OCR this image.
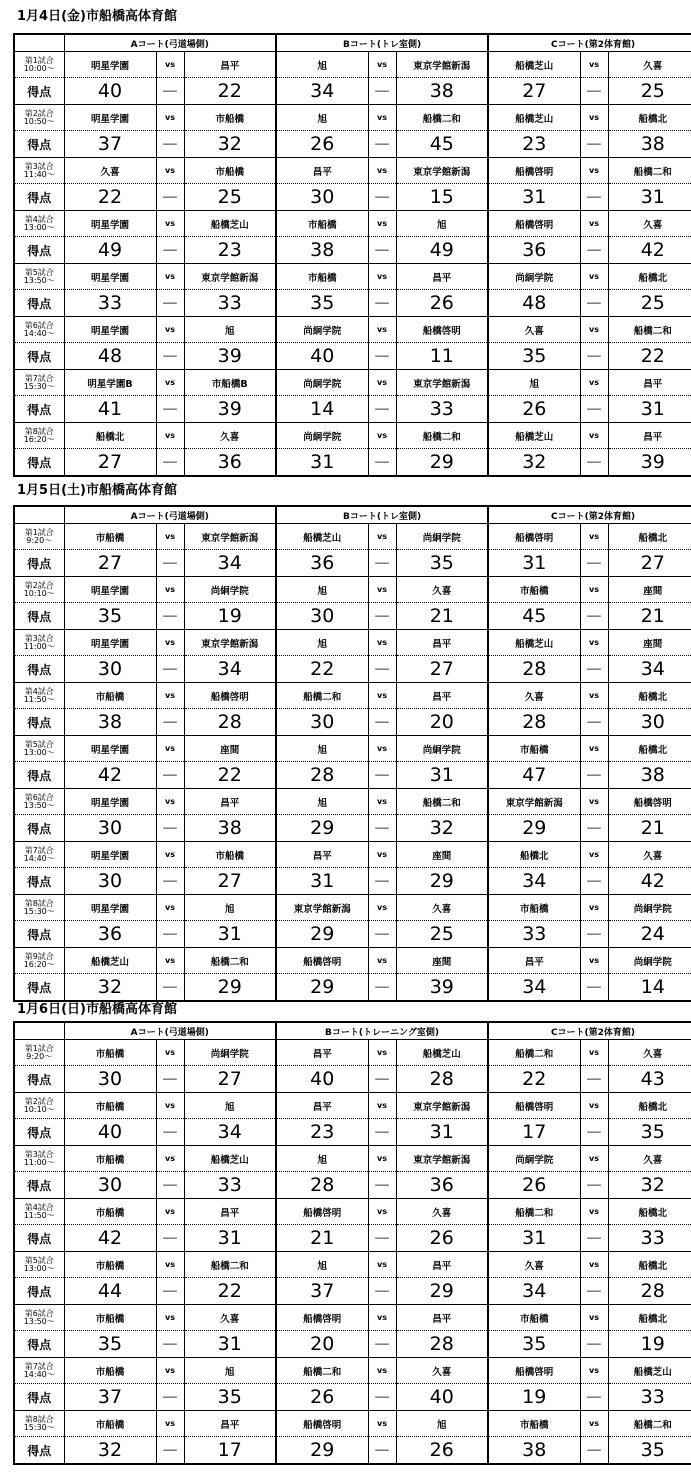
1月4日(金)市船橋高体育館
	Aコート(弓道場側)			Bコート(トレ室側)			Cコート(第2体育館)		

第1試合
10:00～	明星学園	vs	昌平	旭	vs	東京学館新潟	船橋芝山	vs	久喜
得点	40	－	22	34	－	38	27	－	25

第2試合
10:50～	明星学園	vs	市船橋	旭	vs	船橋二和	船橋芝山	vs	船橋北
得点	37	－	32	26	－	45	23	－	38

第3試合
11:40～	久喜	vs	市船橋	昌平	vs	東京学館新潟	船橋啓明	vs	船橋二和
得点	22	－	25	30	－	15	31	－	31

第4試合
13:00～	明星学園	vs	船橋芝山	市船橋	vs	旭	船橋啓明	vs	久喜
得点	49	－	23	38	－	49	36	－	42

第5試合
13:50～	明星学園	vs	東京学館新潟	市船橋	vs	昌平	尚絅学院	vs	船橋北
得点	33	－	33	35	－	26	48	－	25

第6試合
14:40～	明星学園	vs	旭	尚絅学院	vs	船橋啓明	久喜	vs	船橋二和
得点	48	－	39	40	－	11	35	－	22

第7試合
15:30～	明星学園B	vs	市船橋B	尚絅学院	vs	東京学館新潟	旭	vs	昌平
得点	41	－	39	14	－	33	26	－	31

第8試合
16:20～	船橋北	vs	久喜	尚絅学院	vs	船橋二和	船橋芝山	vs	昌平
得点	27	－	36	31	－	29	32	－	39
1月5日(土)市船橋高体育館
	Aコート(弓道場側)			Bコート(トレ室側)			Cコート(第2体育館)		

第1試合
9:20～	市船橋	vs	東京学館新潟	船橋芝山	vs	尚絅学院	船橋啓明	vs	船橋北
得点	27	－	34	36	－	35	31	－	27

第2試合
10:10～	明星学園	vs	尚絅学院	旭	vs	久喜	市船橋	vs	座間
得点	35	－	19	30	－	21	45	－	21

第3試合
11:00～	明星学園	vs	東京学館新潟	旭	vs	昌平	船橋芝山	vs	座間
得点	30	－	34	22	－	27	28	－	34

第4試合
11:50～	市船橋	vs	船橋啓明	船橋二和	vs	昌平	久喜	vs	船橋北
得点	38	－	28	30	－	20	28	－	30

第5試合
13:00～	明星学園	vs	座間	旭	vs	尚絅学院	市船橋	vs	船橋北
得点	42	－	22	28	－	31	47	－	38

第6試合
13:50～	明星学園	vs	昌平	旭	vs	船橋二和	東京学館新潟	vs	船橋啓明
得点	30	－	38	29	－	32	29	－	21

第7試合
14:40～	明星学園	vs	市船橋	昌平	vs	座間	船橋北	vs	久喜
得点	30	－	27	31	－	29	34	－	42

第8試合
15:30～	明星学園	vs	旭	東京学館新潟	vs	久喜	市船橋	vs	尚絅学院
得点	36	－	31	29	－	25	33	－	24

第9試合
16:20～	船橋芝山	vs	船橋二和	船橋啓明	vs	座間	昌平	vs	尚絅学院
得点	32	－	29	29	－	39	34	－	14
1月6日(日)市船橋高体育館
	Aコート(弓道場側)			Bコート(トレーニング室側)			Cコート(第2体育館)		

第1試合
9:20～	市船橋	vs	尚絅学院	昌平	vs	船橋芝山	船橋二和	vs	久喜
得点	30	－	27	40	－	28	22	－	43

第2試合
10:10～	市船橋	vs	旭	昌平	vs	東京学館新潟	船橋啓明	vs	船橋北
得点	40	－	34	23	－	31	17	－	35

第3試合
11:00～	市船橋	vs	船橋芝山	旭	vs	東京学館新潟	尚絅学院	vs	久喜
得点	30	－	33	28	－	36	26	－	32

第4試合
11:50～	市船橋	vs	昌平	船橋啓明	vs	久喜	船橋二和	vs	船橋北
得点	42	－	31	21	－	26	31	－	33

第5試合
13:00～	市船橋	vs	船橋二和	旭	vs	昌平	久喜	vs	船橋北
得点	44	－	22	37	－	29	34	－	28

第6試合
13:50～	市船橋	vs	久喜	船橋啓明	vs	昌平	市船橋	vs	船橋北
得点	35	－	31	20	－	28	35	－	19

第7試合
14:40～	市船橋	vs	旭	船橋二和	vs	久喜	船橋啓明	vs	船橋芝山
得点	37	－	35	26	－	40	19	－	33

第8試合
15:30～	市船橋	vs	昌平	船橋啓明	vs	旭	市船橋	vs	船橋二和
得点	32	－	17	29	－	26	38	－	35
